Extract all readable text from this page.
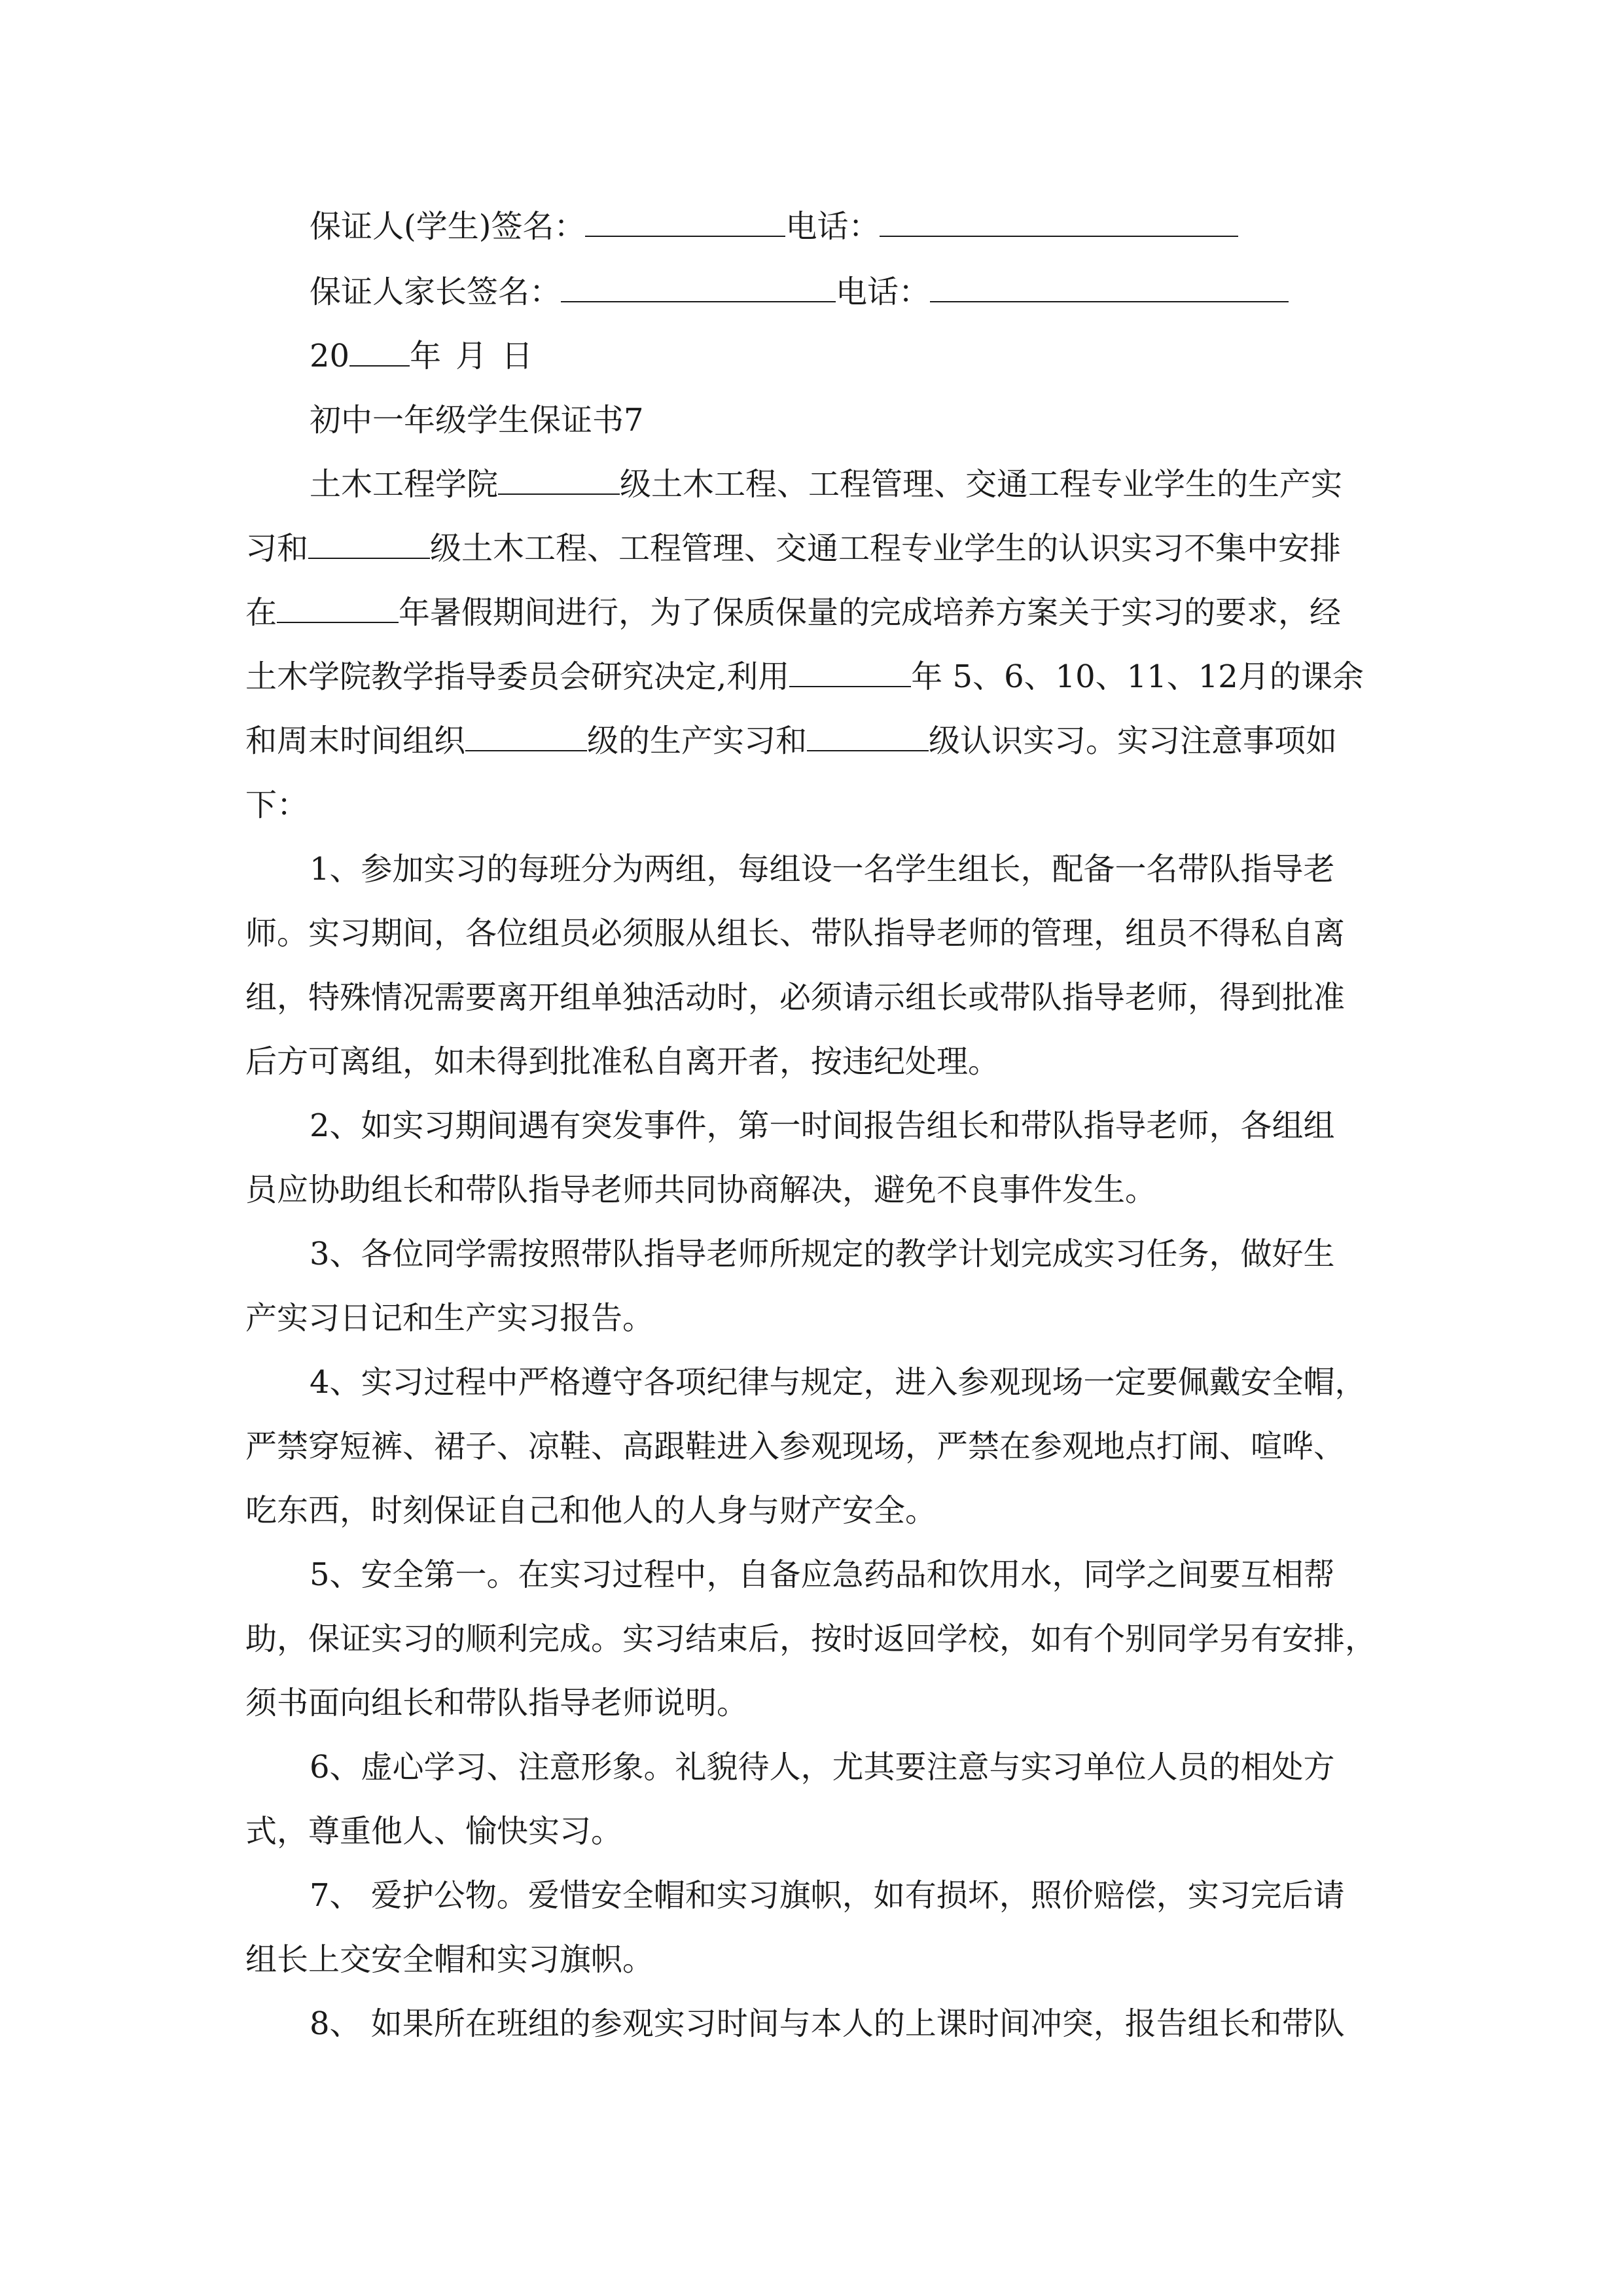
保证人(学生)签名：	电话：
保证人家长签名：	电话：
20 年 月 日
初中一年级学生保证书7
土木工程学院	级土木工程、工程管理、交通工程专业学生的生产实
习和	级土木工程、工程管理、交通工程专业学生的认识实习不集中安排
在	年暑假期间进行，为了保质保量的完成培养方案关于实习的要求，经
土木学院教学指导委员会研究决定,利用	年 5、6、10、11、12月的课余
和周末时间组织	级的生产实习和	级认识实习。实习注意事项如
下：
1、参加实习的每班分为两组，每组设一名学生组长，配备一名带队指导老
师。实习期间，各位组员必须服从组长、带队指导老师的管理，组员不得私自离
组，特殊情况需要离开组单独活动时，必须请示组长或带队指导老师，得到批准
后方可离组，如未得到批准私自离开者，按违纪处理。
2、如实习期间遇有突发事件，第一时间报告组长和带队指导老师，各组组
员应协助组长和带队指导老师共同协商解决，避免不良事件发生。
3、各位同学需按照带队指导老师所规定的教学计划完成实习任务，做好生
产实习日记和生产实习报告。
4、实习过程中严格遵守各项纪律与规定，进入参观现场一定要佩戴安全帽，
严禁穿短裤、裙子、凉鞋、高跟鞋进入参观现场，严禁在参观地点打闹、喧哗、
吃东西，时刻保证自己和他人的人身与财产安全。
5、安全第一。在实习过程中，自备应急药品和饮用水，同学之间要互相帮
助，保证实习的顺利完成。实习结束后，按时返回学校，如有个别同学另有安排，
须书面向组长和带队指导老师说明。
6、虚心学习、注意形象。礼貌待人，尤其要注意与实习单位人员的相处方
式，尊重他人、愉快实习。
7、 爱护公物。爱惜安全帽和实习旗帜，如有损坏，照价赔偿，实习完后请
组长上交安全帽和实习旗帜。
8、 如果所在班组的参观实习时间与本人的上课时间冲突，报告组长和带队
